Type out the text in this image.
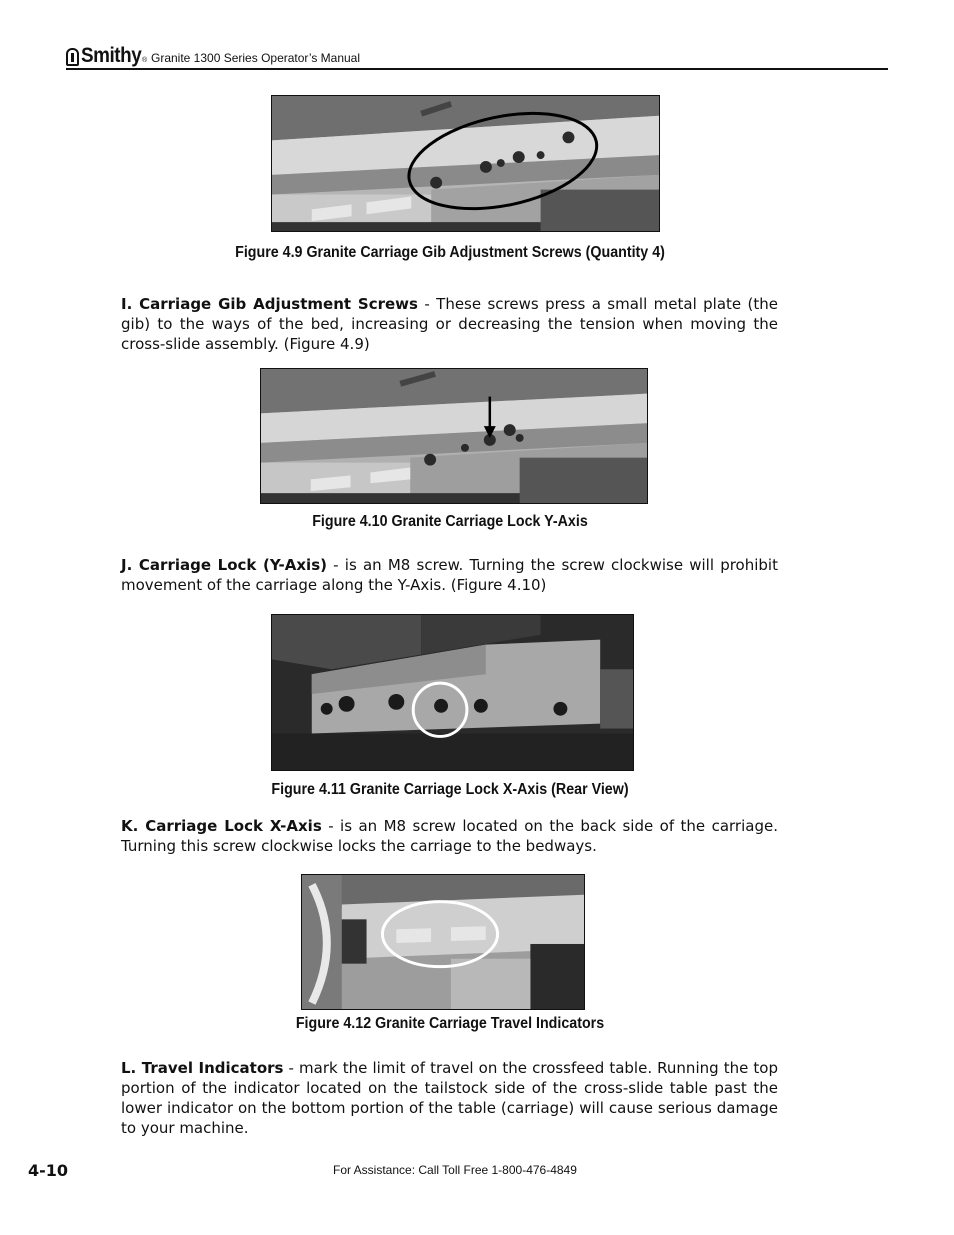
Smithy ® Granite 1300 Series Operator’s Manual
Figure 4.9 Granite Carriage Gib Adjustment Screws (Quantity 4)
I. Carriage Gib Adjustment Screws - These screws press a small metal plate (the gib) to the ways of the bed, increasing or decreasing the tension when moving the cross-slide assembly. (Figure 4.9)
Figure 4.10 Granite Carriage Lock Y-Axis
J. Carriage Lock (Y-Axis) - is an M8 screw. Turning the screw clockwise will prohibit movement of the carriage along the Y-Axis. (Figure 4.10)
Figure 4.11 Granite Carriage Lock X-Axis (Rear View)
K. Carriage Lock X-Axis - is an M8 screw located on the back side of the carriage. Turning this screw clockwise locks the carriage to the bedways.
Figure 4.12 Granite Carriage Travel Indicators
L. Travel Indicators - mark the limit of travel on the crossfeed table. Running the top portion of the indicator located on the tailstock side of the cross-slide table past the lower indicator on the bottom portion of the table (carriage) will cause serious damage to your machine.
4-10	For Assistance: Call Toll Free 1-800-476-4849
